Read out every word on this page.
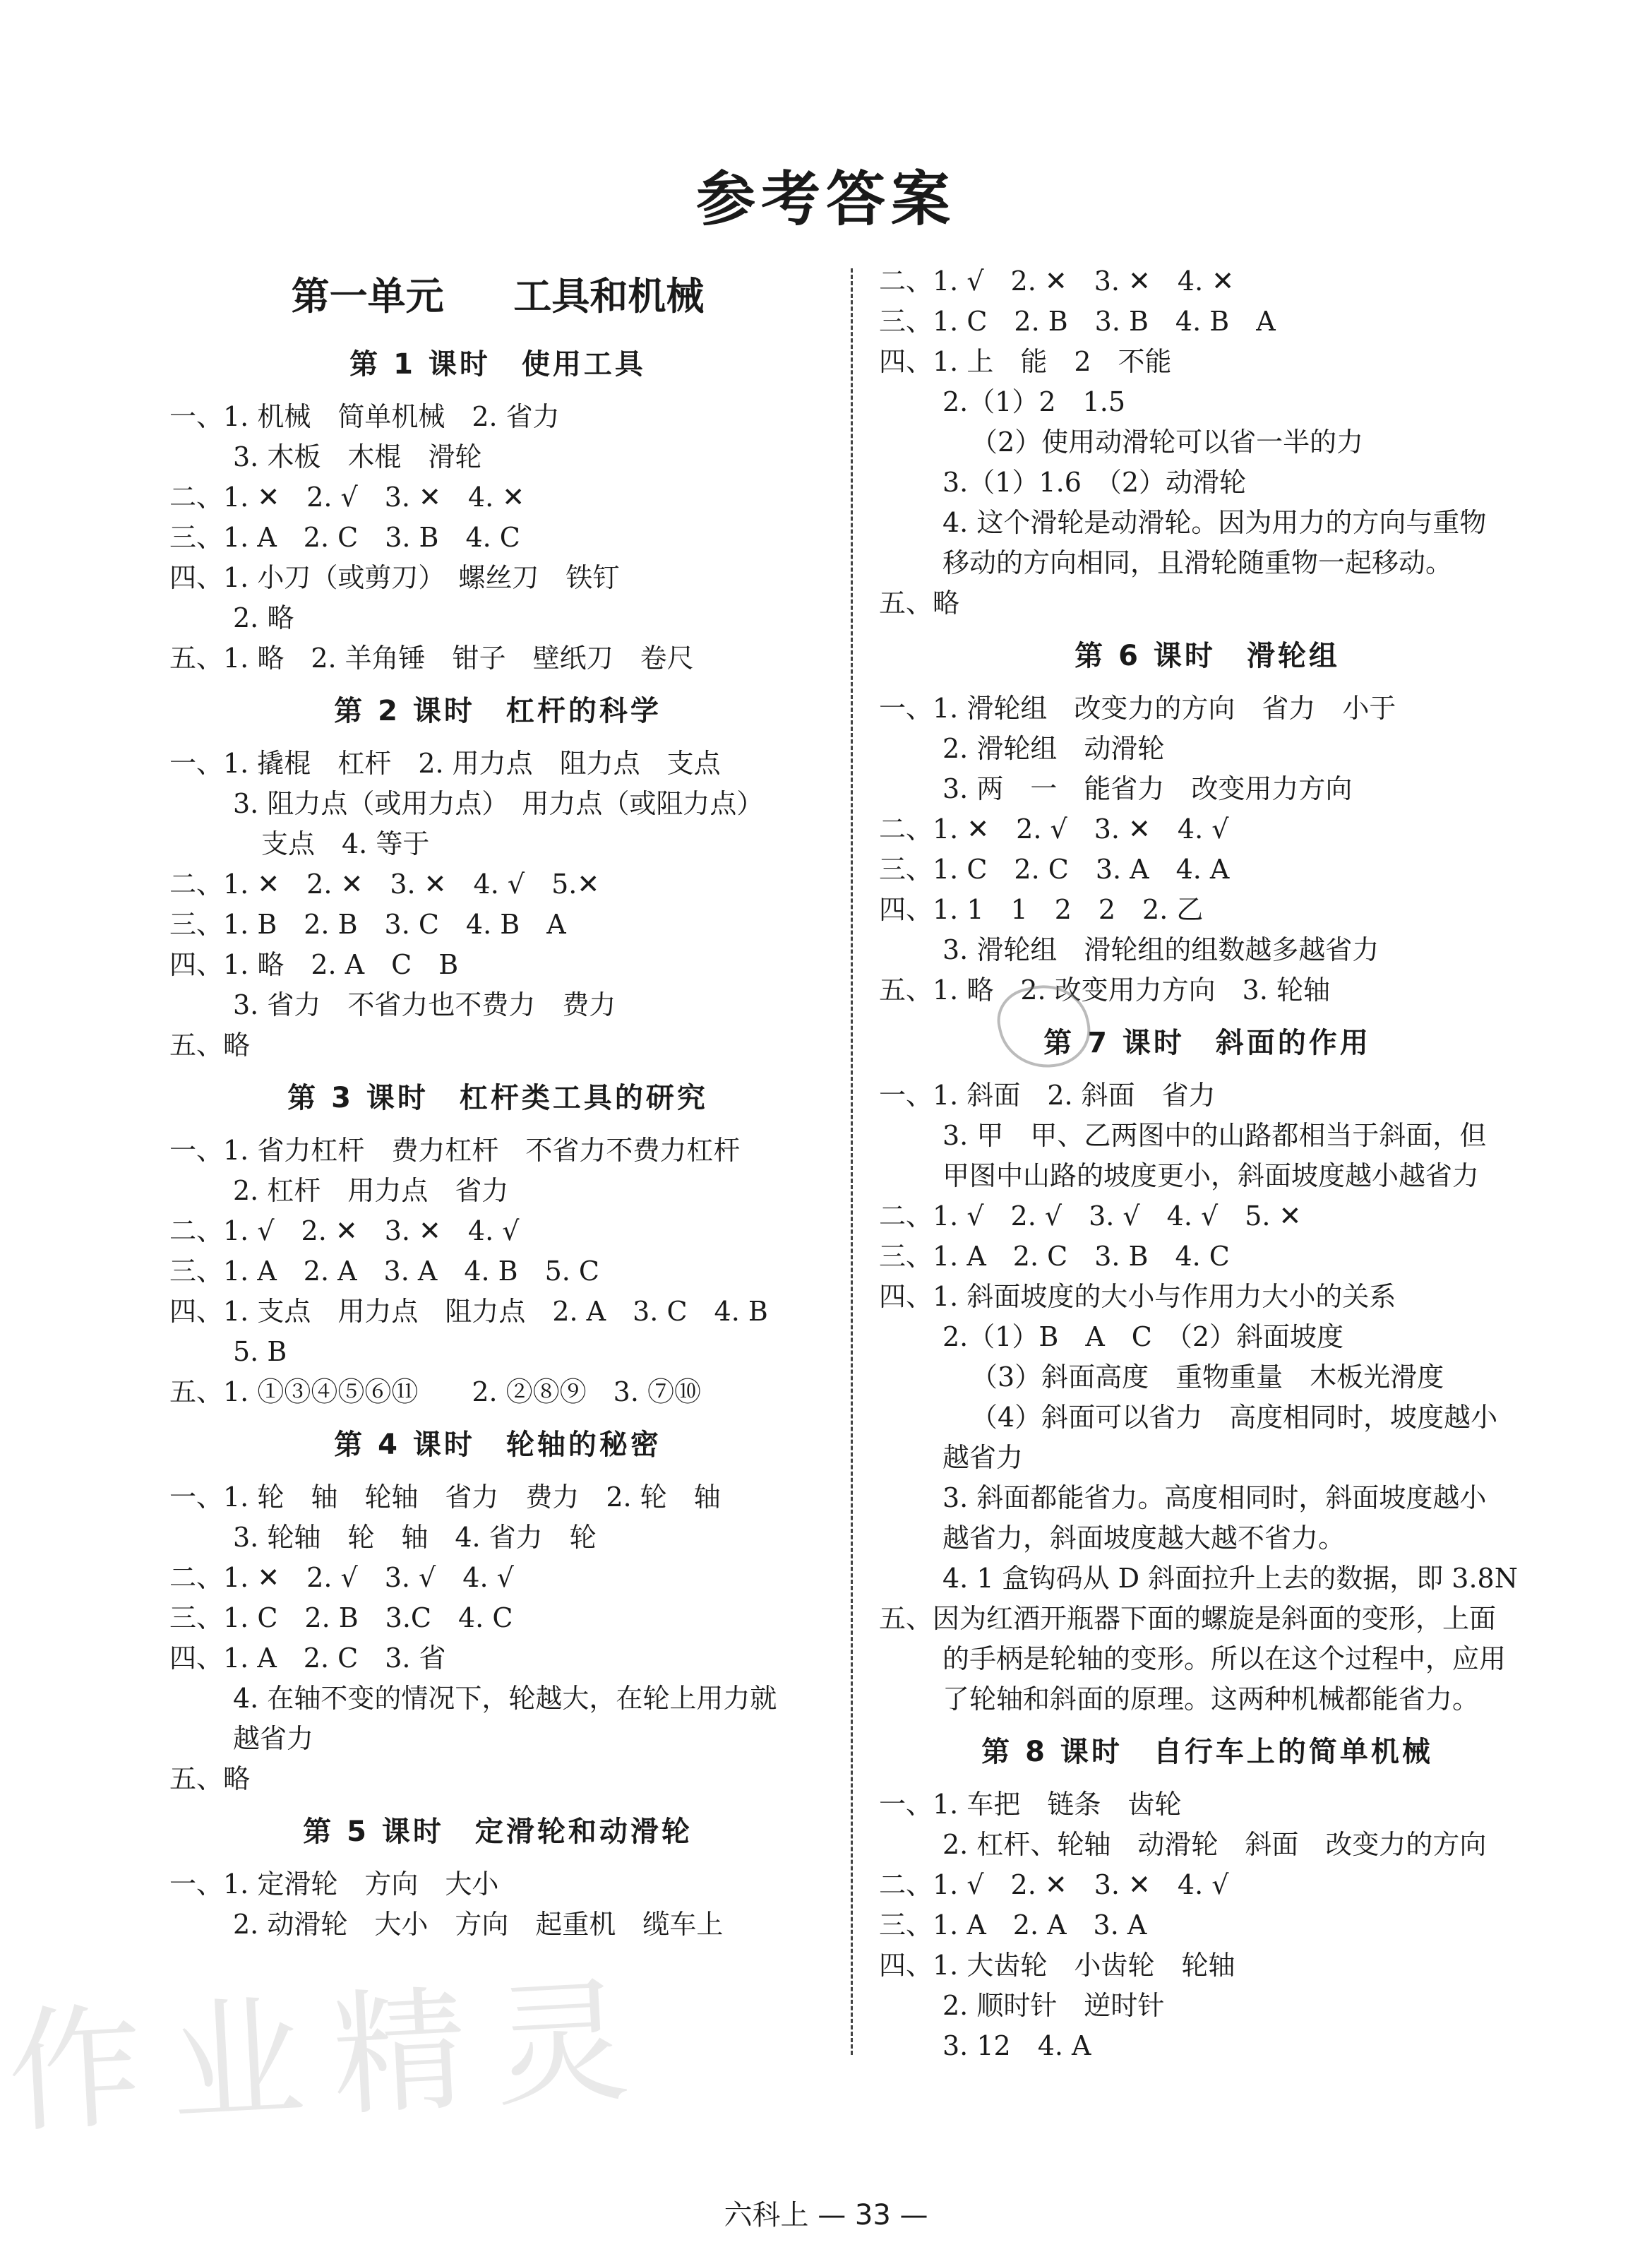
参考答案
第一单元 工具和机械
第 1 课时　使用工具
一、1. 机械　简单机械　2. 省力
3. 木板　木棍　滑轮
二、1. ✕　2. √　3. ✕　4. ✕
三、1. A　2. C　3. B　4. C
四、1. 小刀（或剪刀）　螺丝刀　铁钉
2. 略
五、1. 略　2. 羊角锤　钳子　壁纸刀　卷尺
第 2 课时　杠杆的科学
一、1. 撬棍　杠杆　2. 用力点　阻力点　支点
3. 阻力点（或用力点）　用力点（或阻力点）
支点　4. 等于
二、1. ✕　2. ✕　3. ✕　4. √　5.✕
三、1. B　2. B　3. C　4. B　A
四、1. 略　2. A　C　B
3. 省力　不省力也不费力　费力
五、略
第 3 课时　杠杆类工具的研究
一、1. 省力杠杆　费力杠杆　不省力不费力杠杆
2. 杠杆　用力点　省力
二、1. √　2. ✕　3. ✕　4. √
三、1. A　2. A　3. A　4. B　5. C
四、1. 支点　用力点　阻力点　2. A　3. C　4. B
5. B
五、1. ①③④⑤⑥⑪　　2. ②⑧⑨　3. ⑦⑩
第 4 课时　轮轴的秘密
一、1. 轮　轴　轮轴　省力　费力　2. 轮　轴
3. 轮轴　轮　轴　4. 省力　轮
二、1. ✕　2. √　3. √　4. √
三、1. C　2. B　3.C　4. C
四、1. A　2. C　3. 省
4. 在轴不变的情况下，轮越大，在轮上用力就
越省力
五、略
第 5 课时　定滑轮和动滑轮
一、1. 定滑轮　方向　大小
2. 动滑轮　大小　方向　起重机　缆车上
二、1. √　2. ✕　3. ✕　4. ✕
三、1. C　2. B　3. B　4. B　A
四、1. 上　能　2　不能
2.（1）2　1.5
（2）使用动滑轮可以省一半的力
3.（1）1.6　（2）动滑轮
4. 这个滑轮是动滑轮。因为用力的方向与重物
移动的方向相同，且滑轮随重物一起移动。
五、略
第 6 课时　滑轮组
一、1. 滑轮组　改变力的方向　省力　小于
2. 滑轮组　动滑轮
3. 两　一　能省力　改变用力方向
二、1. ✕　2. √　3. ✕　4. √
三、1. C　2. C　3. A　4. A
四、1. 1　1　2　2　2. 乙
3. 滑轮组　滑轮组的组数越多越省力
五、1. 略　2. 改变用力方向　3. 轮轴
第 7 课时　斜面的作用
一、1. 斜面　2. 斜面　省力
3. 甲　甲、乙两图中的山路都相当于斜面，但
甲图中山路的坡度更小，斜面坡度越小越省力
二、1. √　2. √　3. √　4. √　5. ✕
三、1. A　2. C　3. B　4. C
四、1. 斜面坡度的大小与作用力大小的关系
2.（1）B　A　C　（2）斜面坡度
（3）斜面高度　重物重量　木板光滑度
（4）斜面可以省力　高度相同时，坡度越小
越省力
3. 斜面都能省力。高度相同时，斜面坡度越小
越省力，斜面坡度越大越不省力。
4. 1 盒钩码从 D 斜面拉升上去的数据，即 3.8N
五、因为红酒开瓶器下面的螺旋是斜面的变形，上面
的手柄是轮轴的变形。所以在这个过程中，应用
了轮轴和斜面的原理。这两种机械都能省力。
第 8 课时　自行车上的简单机械
一、1. 车把　链条　齿轮
2. 杠杆、轮轴　动滑轮　斜面　改变力的方向
二、1. √　2. ✕　3. ✕　4. √
三、1. A　2. A　3. A
四、1. 大齿轮　小齿轮　轮轴
2. 顺时针　逆时针
3. 12　4. A
作业精灵
六科上 — 33 —
